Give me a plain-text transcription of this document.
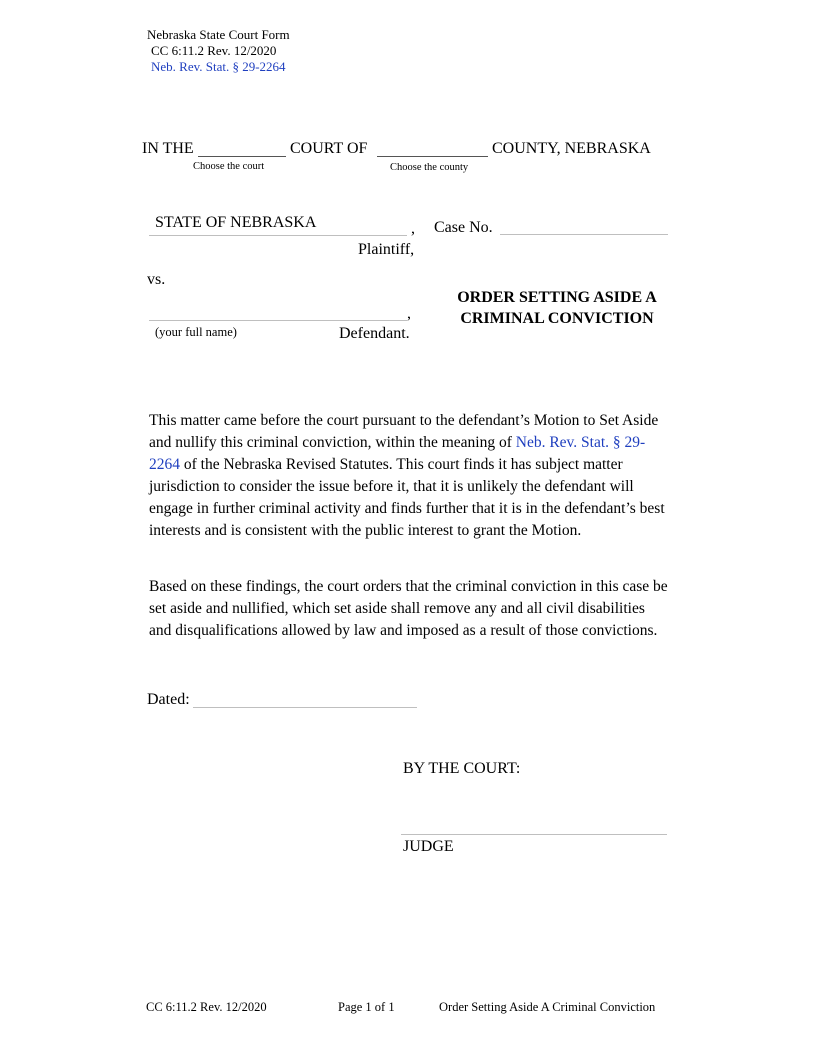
Nebraska State Court Form
CC 6:11.2 Rev. 12/2020
Neb. Rev. Stat. § 29-2264
IN THE	COURT OF	COUNTY, NEBRASKA
Choose the court	Choose the county
STATE OF NEBRASKA	, Case No.
Plaintiff,
vs.
,
(your full name)	Defendant.
ORDER SETTING ASIDE A
CRIMINAL CONVICTION

This matter came before the court pursuant to the defendant’s Motion to Set Aside and nullify this criminal conviction, within the meaning of Neb. Rev. Stat. § 29-2264 of the Nebraska Revised Statutes. This court finds it has subject matter jurisdiction to consider the issue before it, that it is unlikely the defendant will engage in further criminal activity and finds further that it is in the defendant’s best interests and is consistent with the public interest to grant the Motion.

Based on these findings, the court orders that the criminal conviction in this case be set aside and nullified, which set aside shall remove any and all civil disabilities and disqualifications allowed by law and imposed as a result of those convictions.

Dated:
BY THE COURT:
JUDGE
CC 6:11.2 Rev. 12/2020	Page 1 of 1	Order Setting Aside A Criminal Conviction
